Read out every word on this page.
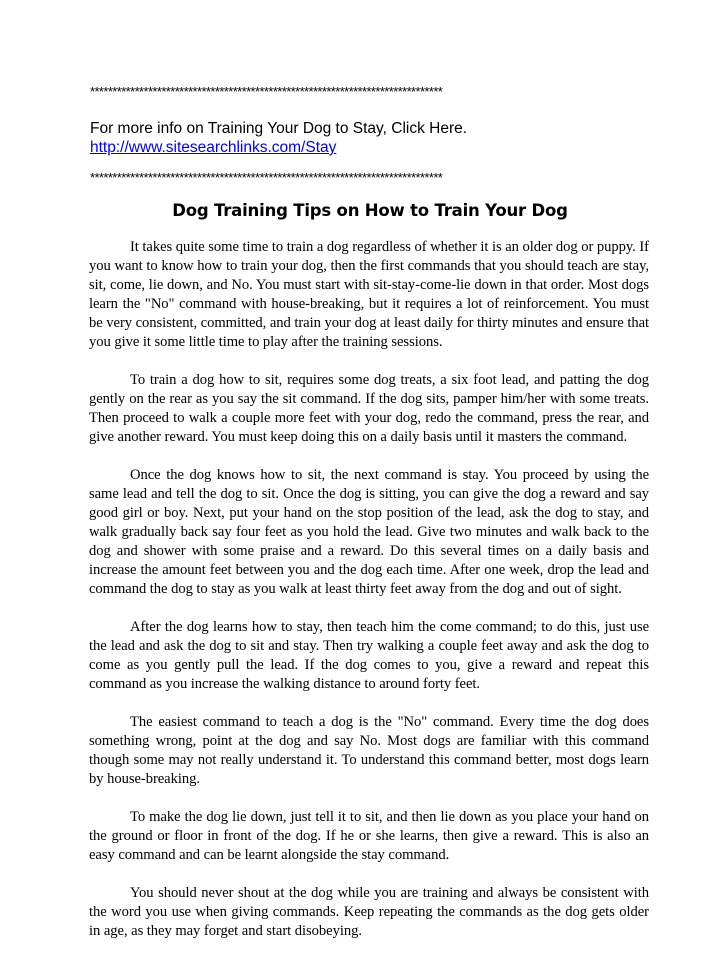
*******************************************************************************
For more info on Training Your Dog to Stay, Click Here.
http://www.sitesearchlinks.com/Stay
*******************************************************************************
Dog Training Tips on How to Train Your Dog

It takes quite some time to train a dog regardless of whether it is an older dog or puppy. If you want to know how to train your dog, then the first commands that you should teach are stay, sit, come, lie down, and No. You must start with sit-stay-come-lie down in that order. Most dogs learn the "No" command with house-breaking, but it requires a lot of reinforcement. You must be very consistent, committed, and train your dog at least daily for thirty minutes and ensure that you give it some little time to play after the training sessions.

To train a dog how to sit, requires some dog treats, a six foot lead, and patting the dog gently on the rear as you say the sit command. If the dog sits, pamper him/her with some treats. Then proceed to walk a couple more feet with your dog, redo the command, press the rear, and give another reward. You must keep doing this on a daily basis until it masters the command.

Once the dog knows how to sit, the next command is stay. You proceed by using the same lead and tell the dog to sit. Once the dog is sitting, you can give the dog a reward and say good girl or boy. Next, put your hand on the stop position of the lead, ask the dog to stay, and walk gradually back say four feet as you hold the lead. Give two minutes and walk back to the dog and shower with some praise and a reward. Do this several times on a daily basis and increase the amount feet between you and the dog each time. After one week, drop the lead and command the dog to stay as you walk at least thirty feet away from the dog and out of sight.

After the dog learns how to stay, then teach him the come command; to do this, just use the lead and ask the dog to sit and stay. Then try walking a couple feet away and ask the dog to come as you gently pull the lead. If the dog comes to you, give a reward and repeat this command as you increase the walking distance to around forty feet.

The easiest command to teach a dog is the "No" command. Every time the dog does something wrong, point at the dog and say No. Most dogs are familiar with this command though some may not really understand it. To understand this command better, most dogs learn by house-breaking.

To make the dog lie down, just tell it to sit, and then lie down as you place your hand on the ground or floor in front of the dog. If he or she learns, then give a reward. This is also an easy command and can be learnt alongside the stay command.

You should never shout at the dog while you are training and always be consistent with the word you use when giving commands. Keep repeating the commands as the dog gets older in age, as they may forget and start disobeying.
